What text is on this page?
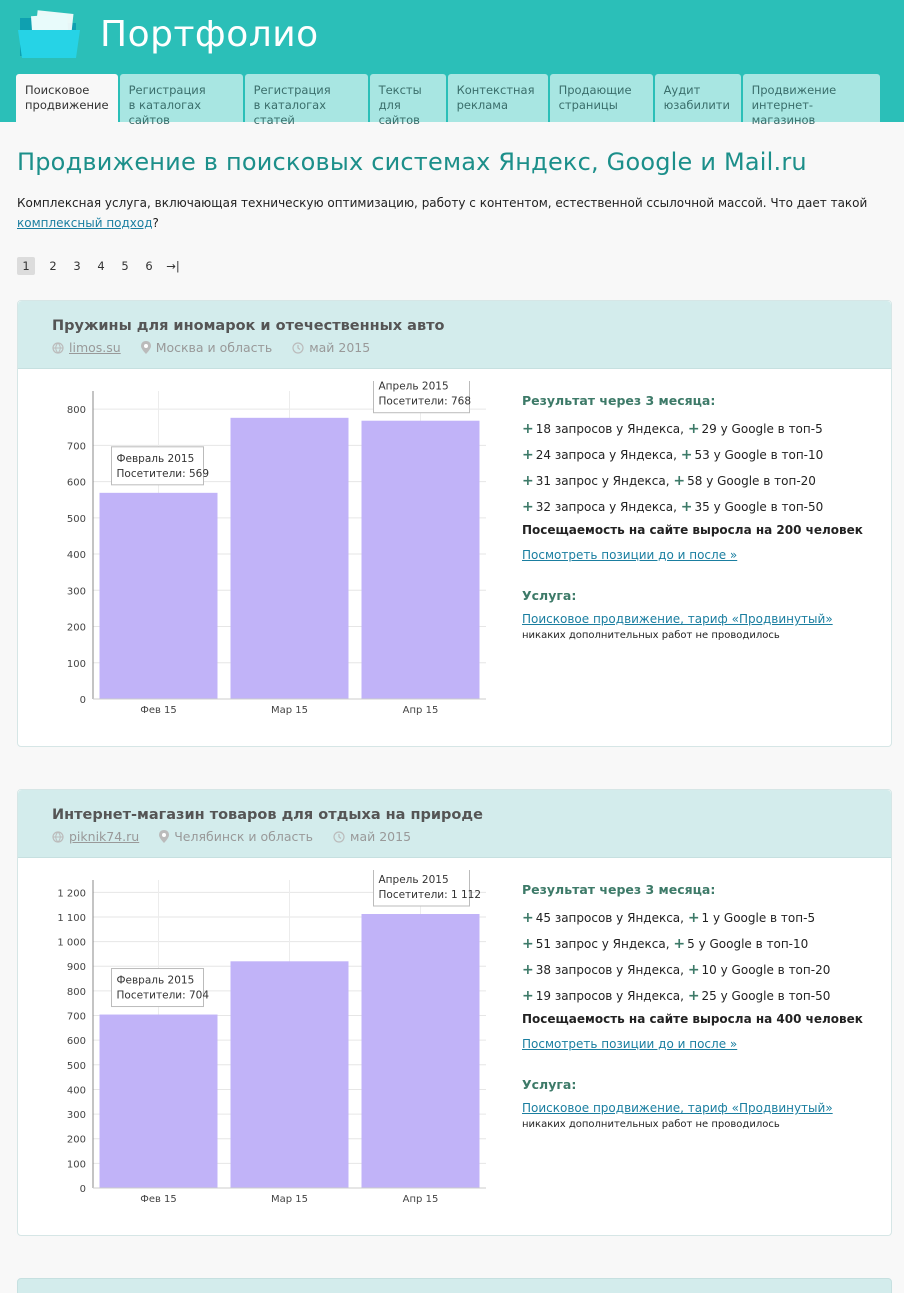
Портфолио
Поисковое
продвижение
Регистрация
в каталогах сайтов
Регистрация
в каталогах статей
Тексты для
сайтов
Контекстная
реклама
Продающие
страницы
Аудит
юзабилити
Продвижение
интернет-магазинов
Продвижение в поисковых системах Яндекс, Google и Mail.ru

Комплексная услуга, включающая техническую оптимизацию, работу с контентом, естественной ссылочной массой. Что дает такой комплексный подход?

1	2	3	4	5	6	→|
Пружины для иномарок и отечественных авто
limos.su	Москва и область	май 2015
0
100
200
300
400
500
600
700
800
Фев 15	Мар 15	Апр 15
Февраль 2015
Посетители: 569
Апрель 2015
Посетители: 768	Результат через 3 месяца:
+ 18 запросов у Яндекса,
+ 29 у Google в топ-5
+ 24 запроса у Яндекса,
+ 53 у Google в топ-10
+ 31 запрос у Яндекса,
+ 58 у Google в топ-20
+ 32 запроса у Яндекса,
+ 35 у Google в топ-50
Посещаемость на сайте выросла на 200 человек
Посмотреть позиции до и после »
Услуга:
Поисковое продвижение, тариф «Продвинутый»
никаких дополнительных работ не проводилось
Интернет-магазин товаров для отдыха на природе
piknik74.ru	Челябинск и область	май 2015
0
100
200
300
400
500
600
700
800
900
1 000
1 100
1 200
Фев 15	Мар 15	Апр 15
Февраль 2015
Посетители: 704
Апрель 2015
Посетители: 1 112	Результат через 3 месяца:
+ 45 запросов у Яндекса,
+ 1 у Google в топ-5
+ 51 запрос у Яндекса,
+ 5 у Google в топ-10
+ 38 запросов у Яндекса,
+ 10 у Google в топ-20
+ 19 запросов у Яндекса,
+ 25 у Google в топ-50
Посещаемость на сайте выросла на 400 человек
Посмотреть позиции до и после »
Услуга:
Поисковое продвижение, тариф «Продвинутый»
никаких дополнительных работ не проводилось
